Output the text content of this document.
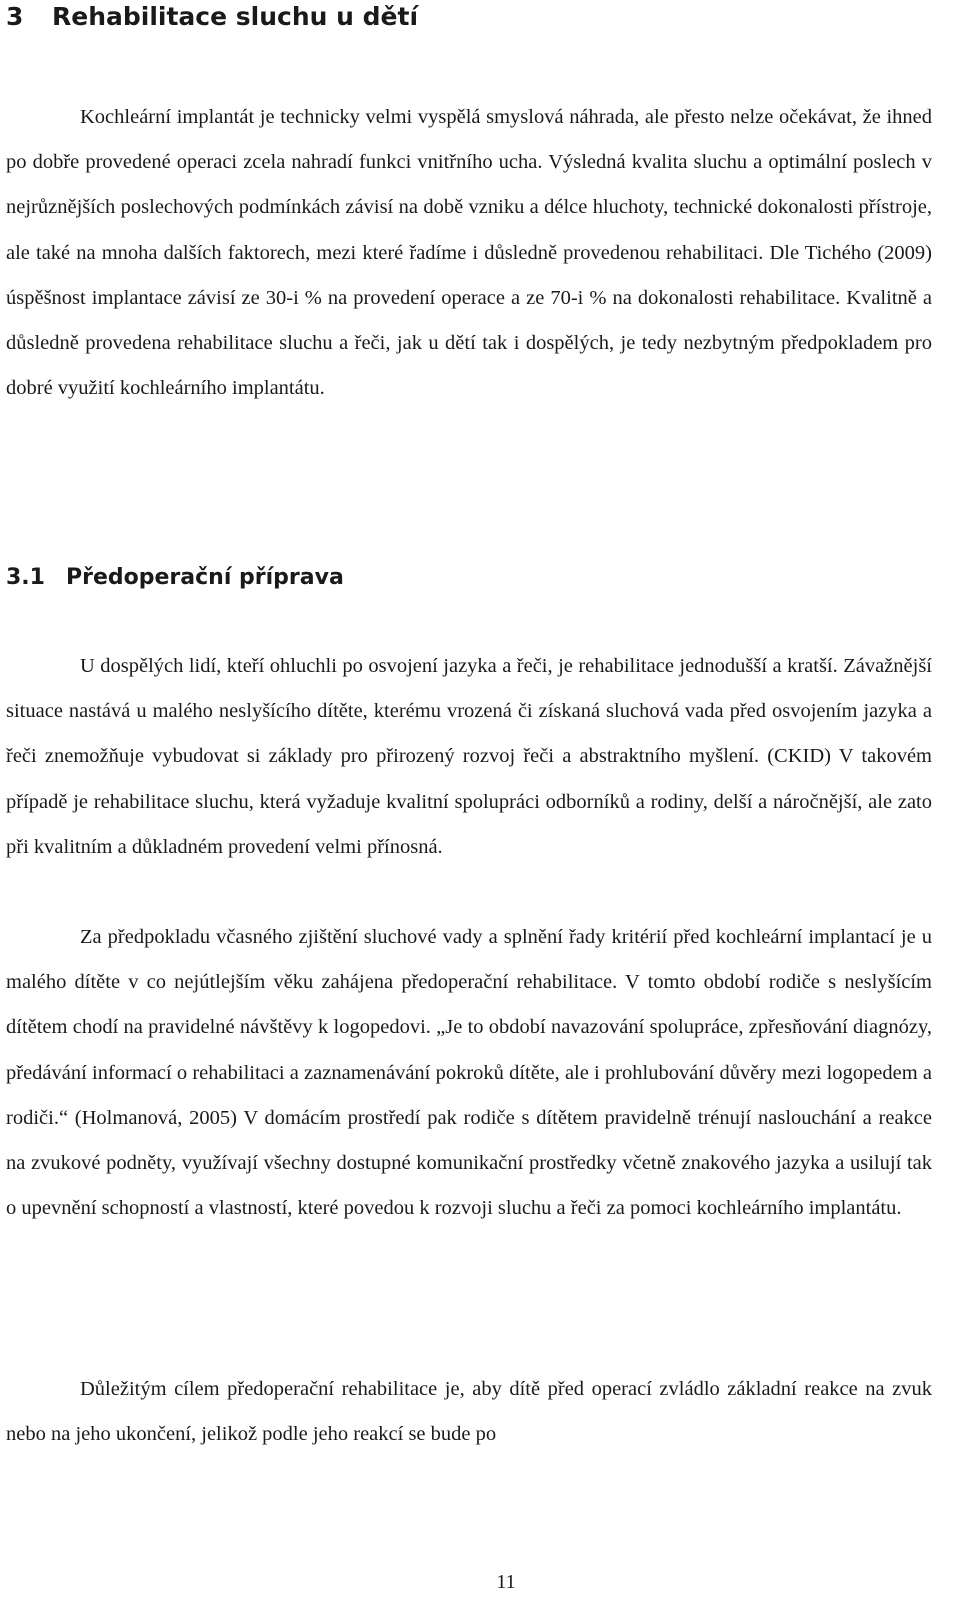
3 Rehabilitace sluchu u dětí

Kochleární implantát je technicky velmi vyspělá smyslová náhrada, ale přesto nelze očekávat, že ihned po dobře provedené operaci zcela nahradí funkci vnitřního ucha. Výsledná kvalita sluchu a optimální poslech v nejrůznějších poslechových podmínkách závisí na době vzniku a délce hluchoty, technické dokonalosti přístroje, ale také na mnoha dalších faktorech, mezi které řadíme i důsledně provedenou rehabilitaci. Dle Tichého (2009) úspěšnost implantace závisí ze 30-i % na provedení operace a ze 70-i % na dokonalosti rehabilitace. Kvalitně a důsledně provedena rehabilitace sluchu a řeči, jak u dětí tak i dospělých, je tedy nezbytným předpokladem pro dobré využití kochleárního implantátu.

3.1 Předoperační příprava

U dospělých lidí, kteří ohluchli po osvojení jazyka a řeči, je rehabilitace jednodušší a kratší. Závažnější situace nastává u malého neslyšícího dítěte, kterému vrozená či získaná sluchová vada před osvojením jazyka a řeči znemožňuje vybudovat si základy pro přirozený rozvoj řeči a abstraktního myšlení. (CKID) V takovém případě je rehabilitace sluchu, která vyžaduje kvalitní spolupráci odborníků a rodiny, delší a náročnější, ale zato při kvalitním a důkladném provedení velmi přínosná.

Za předpokladu včasného zjištění sluchové vady a splnění řady kritérií před kochleární implantací je u malého dítěte v co nejútlejším věku zahájena předoperační rehabilitace. V tomto období rodiče s neslyšícím dítětem chodí na pravidelné návštěvy k logopedovi. „Je to období navazování spolupráce, zpřesňování diagnózy, předávání informací o rehabilitaci a zaznamenávání pokroků dítěte, ale i prohlubování důvěry mezi logopedem a rodiči.“ (Holmanová, 2005) V domácím prostředí pak rodiče s dítětem pravidelně trénují naslouchání a reakce na zvukové podněty, využívají všechny dostupné komunikační prostředky včetně znakového jazyka a usilují tak o upevnění schopností a vlastností, které povedou k rozvoji sluchu a řeči za pomoci kochleárního implantátu.

Důležitým cílem předoperační rehabilitace je, aby dítě před operací zvládlo základní reakce na zvuk nebo na jeho ukončení, jelikož podle jeho reakcí se bude po

11
